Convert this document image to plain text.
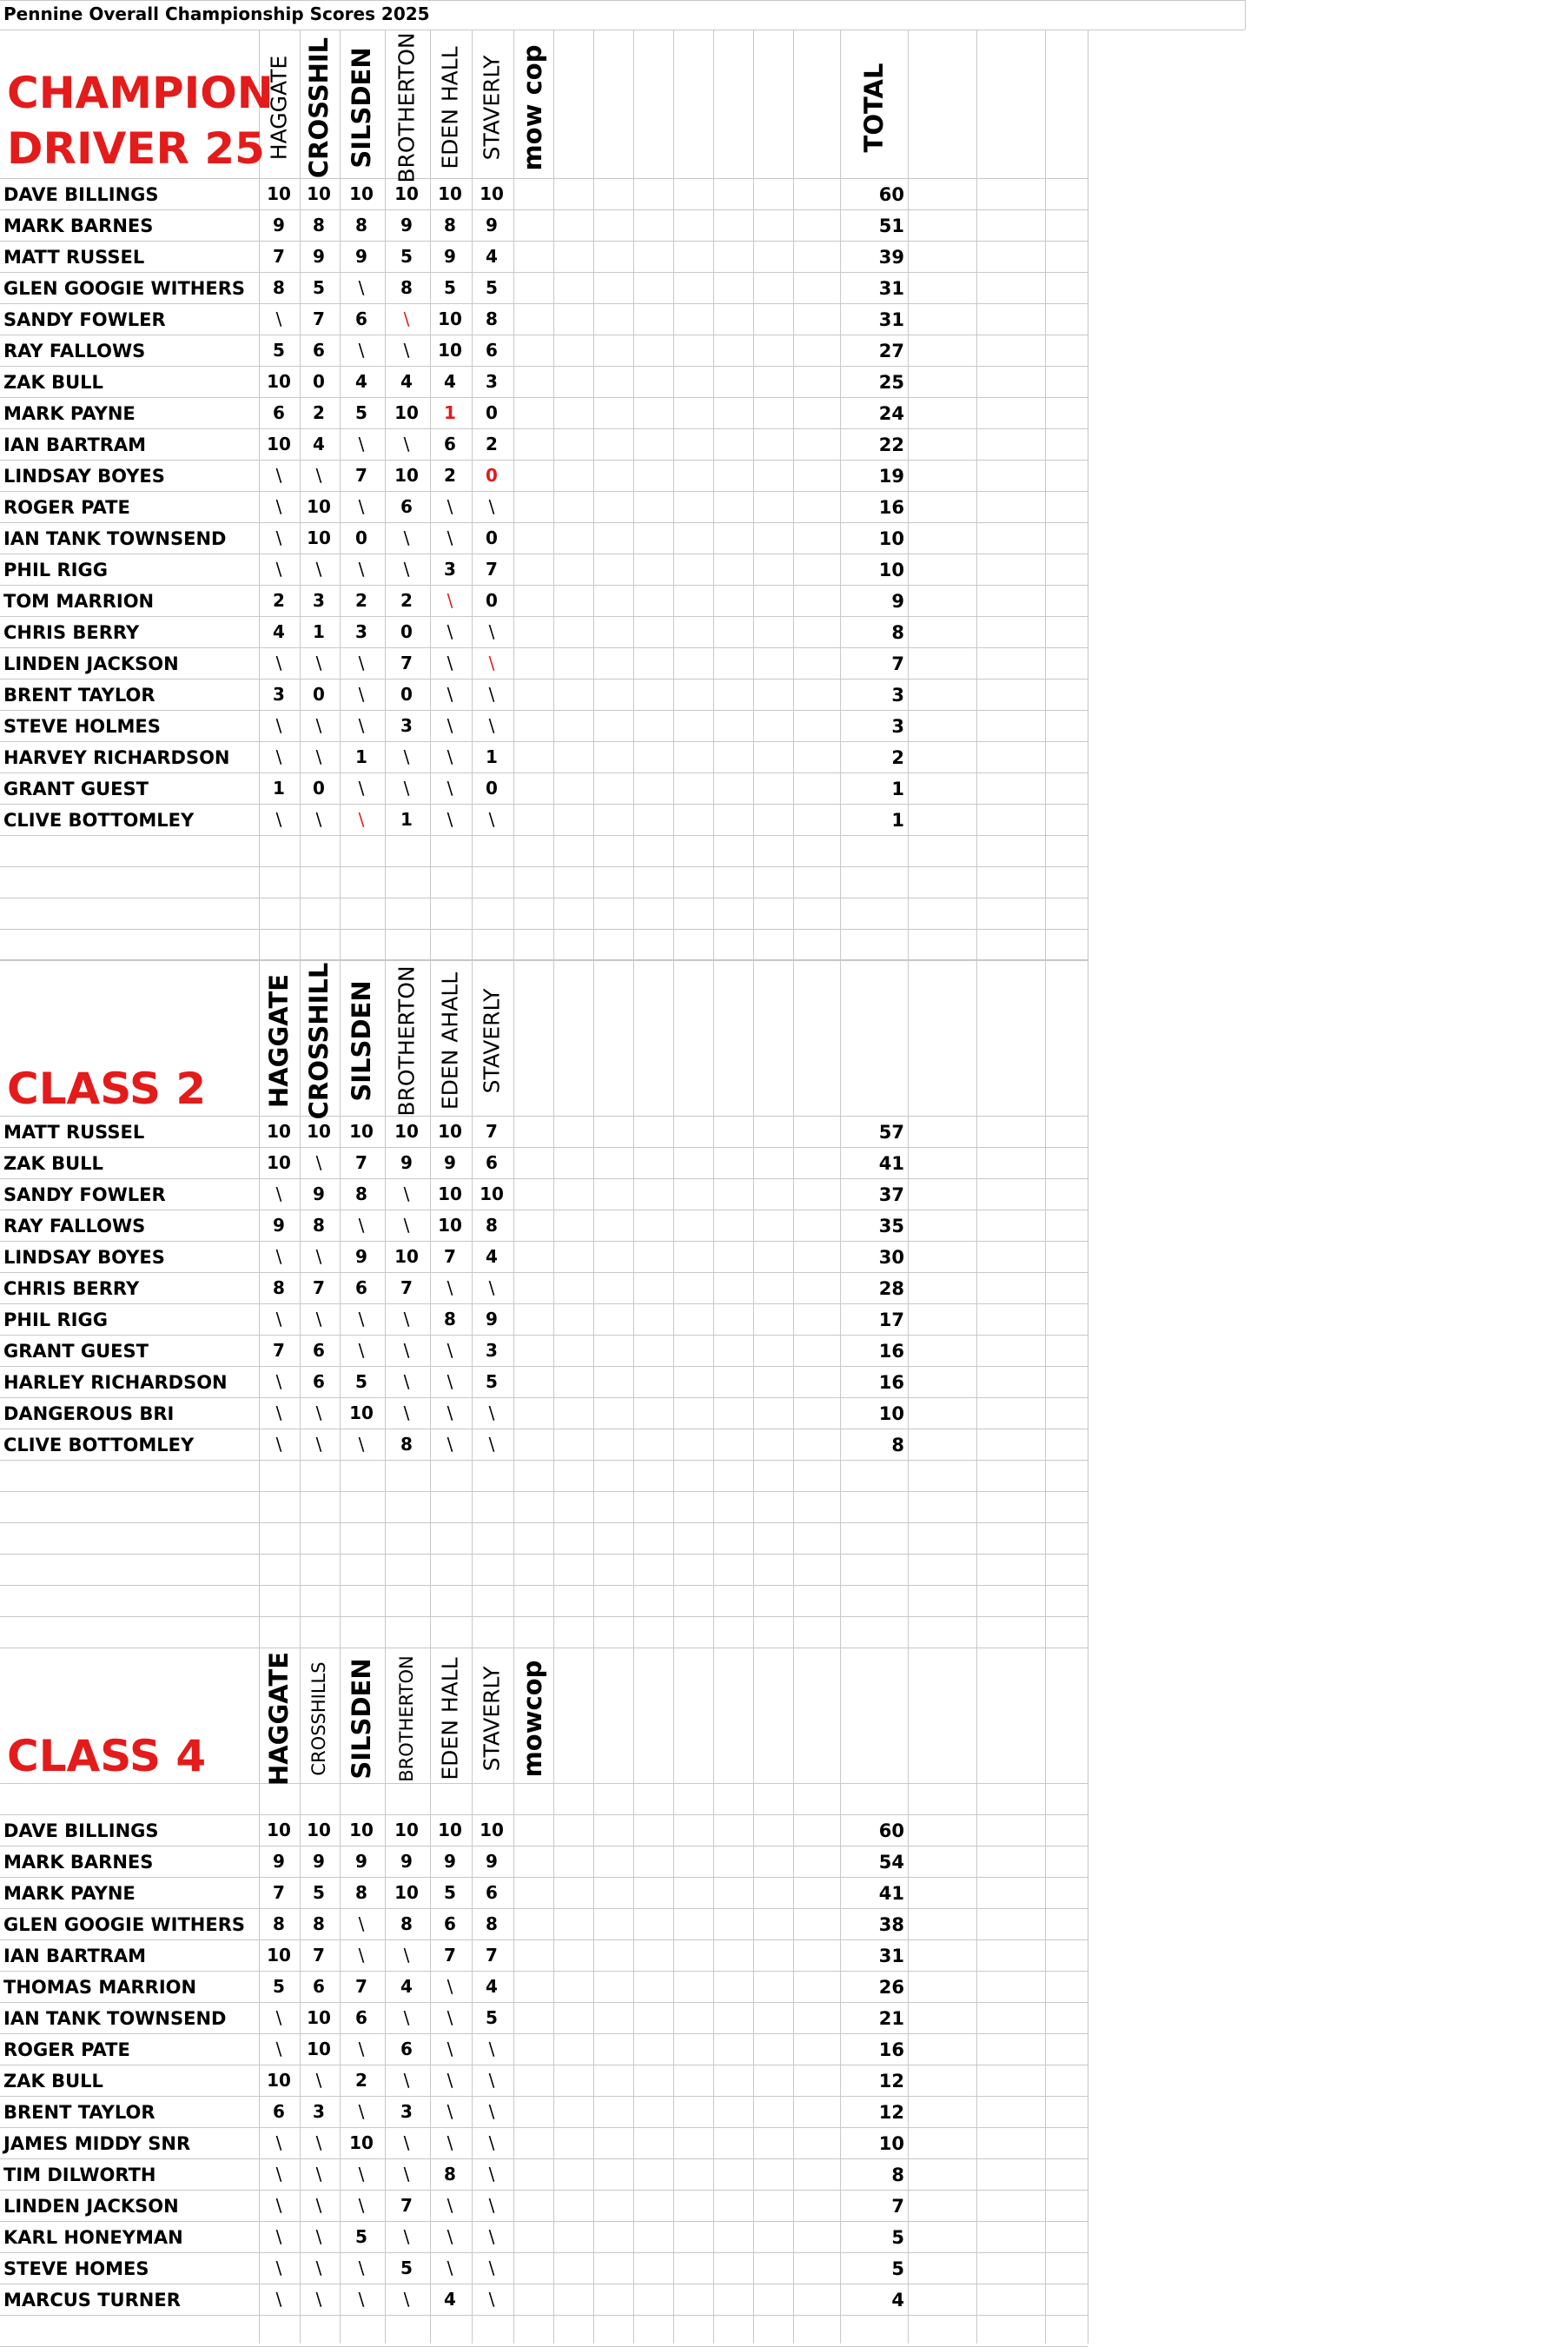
Pennine Overall Championship Scores 2025
CHAMPION
DRIVER 25 HAGGATE CROSSHIL SILSDEN BROTHERTON EDEN HALL STAVERLY mow cop	TOTAL
DAVE BILLINGS	10 10 10 10 10 10	60
MARK BARNES	9 8 8 9 8 9	51
MATT RUSSEL	7 9 9 5 9 4	39
GLEN GOOGIE WITHERS 8 5 \ 8 5 5	31
SANDY FOWLER	\ 7 6 \ 10 8	31
RAY FALLOWS	5 6 \ \ 10 6	27
ZAK BULL	10 0 4 4 4 3	25
MARK PAYNE	6 2 5 10 1 0	24
IAN BARTRAM	10 4 \ \ 6 2	22
LINDSAY BOYES	\ \ 7 10 2 0	19
ROGER PATE	\ 10 \ 6 \ \	16
IAN TANK TOWNSEND	\ 10 0 \ \ 0	10
PHIL RIGG	\ \ \ \ 3 7	10
TOM MARRION	2 3 2 2 \ 0	9
CHRIS BERRY	4 1 3 0 \ \	8
LINDEN JACKSON	\ \ \ 7 \ \	7
BRENT TAYLOR	3 0 \ 0 \ \	3
STEVE HOLMES	\ \ \ 3 \ \	3
HARVEY RICHARDSON	\ \ 1 \ \ 1	2
GRANT GUEST	1 0 \ \ \ 0	1
CLIVE BOTTOMLEY	\ \ \ 1 \ \	1
CLASS 2 HAGGATE CROSSHILL SILSDEN BROTHERTON EDEN AHALL STAVERLY
MATT RUSSEL	10 10 10 10 10 7	57
ZAK BULL	10 \ 7 9 9 6	41
SANDY FOWLER	\ 9 8 \ 10 10	37
RAY FALLOWS	9 8 \ \ 10 8	35
LINDSAY BOYES	\ \ 9 10 7 4	30
CHRIS BERRY	8 7 6 7 \ \	28
PHIL RIGG	\ \ \ \ 8 9	17
GRANT GUEST	7 6 \ \ \ 3	16
HARLEY RICHARDSON	\ 6 5 \ \ 5	16
DANGEROUS BRI	\ \ 10 \ \ \	10
CLIVE BOTTOMLEY	\ \ \ 8 \ \	8
CLASS 4 HAGGATE CROSSHILLS SILSDEN BROTHERTON EDEN HALL STAVERLY mowcop
DAVE BILLINGS	10 10 10 10 10 10	60
MARK BARNES	9 9 9 9 9 9	54
MARK PAYNE	7 5 8 10 5 6	41
GLEN GOOGIE WITHERS 8 8 \ 8 6 8	38
IAN BARTRAM	10 7 \ \ 7 7	31
THOMAS MARRION	5 6 7 4 \ 4	26
IAN TANK TOWNSEND	\ 10 6 \ \ 5	21
ROGER PATE	\ 10 \ 6 \ \	16
ZAK BULL	10 \ 2 \ \ \	12
BRENT TAYLOR	6 3 \ 3 \ \	12
JAMES MIDDY SNR	\ \ 10 \ \ \	10
TIM DILWORTH	\ \ \ \ 8 \	8
LINDEN JACKSON	\ \ \ 7 \ \	7
KARL HONEYMAN	\ \ 5 \ \ \	5
STEVE HOMES	\ \ \ 5 \ \	5
MARCUS TURNER	\ \ \ \ 4 \	4
